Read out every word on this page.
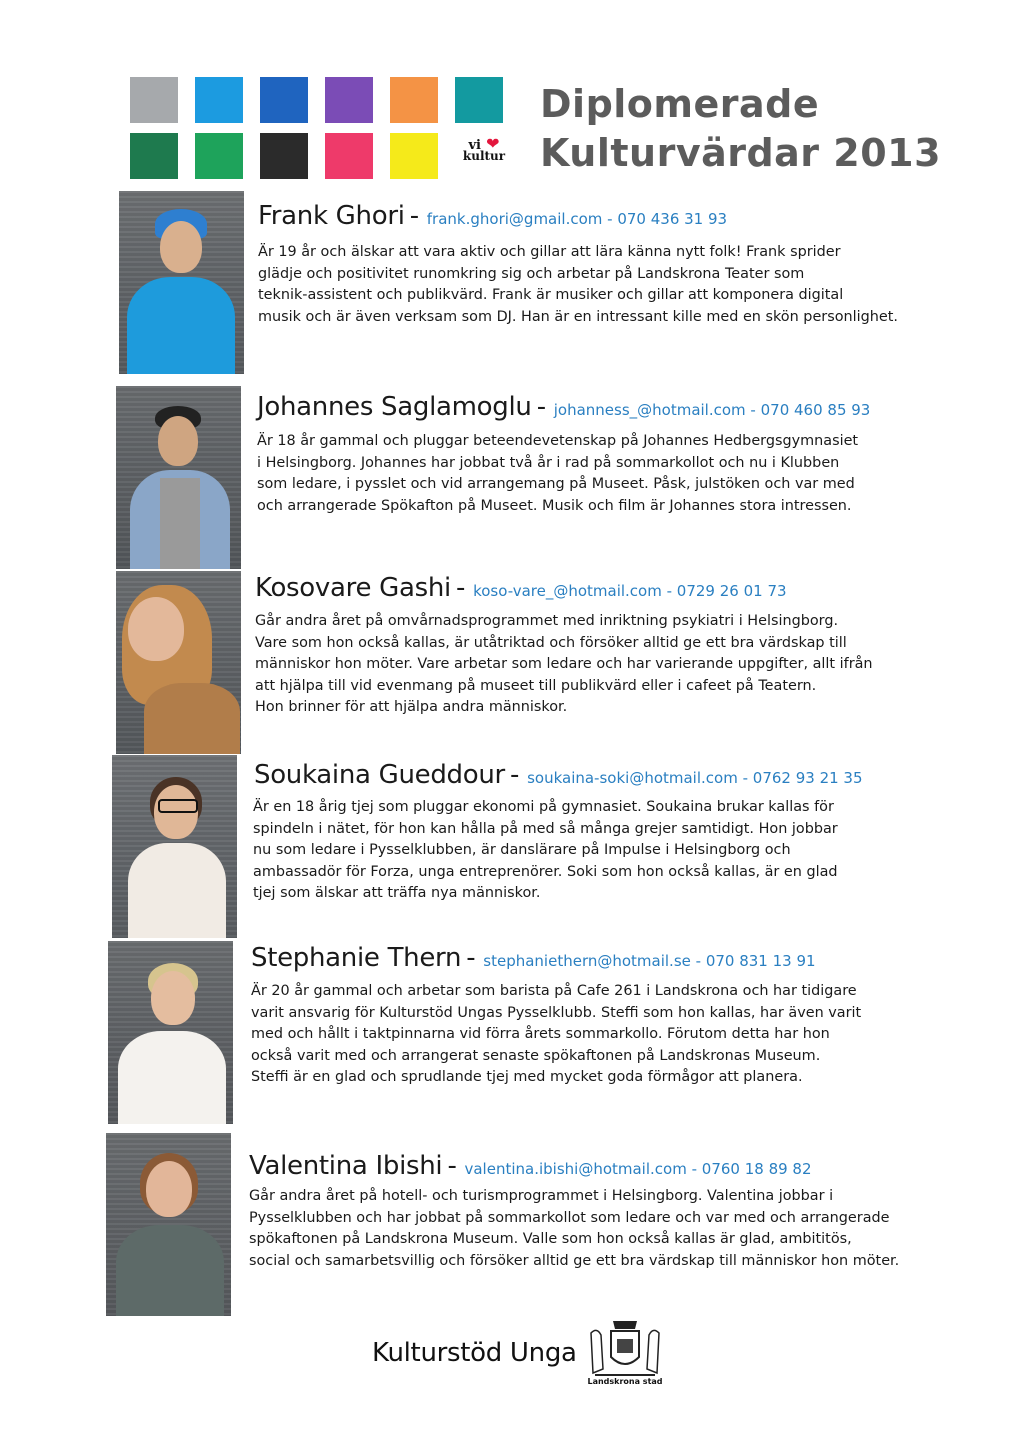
vi ❤
kultur
Diplomerade
Kulturvärdar 2013
Frank Ghori - frank.ghori@gmail.com - 070 436 31 93
Är 19 år och älskar att vara aktiv och gillar att lära känna nytt folk! Frank sprider
glädje och positivitet runomkring sig och arbetar på Landskrona Teater som
teknik-assistent och publikvärd. Frank är musiker och gillar att komponera digital
musik och är även verksam som DJ. Han är en intressant kille med en skön personlighet.
Johannes Saglamoglu - johanness_@hotmail.com - 070 460 85 93
Är 18 år gammal och pluggar beteendevetenskap på Johannes Hedbergsgymnasiet
i Helsingborg. Johannes har jobbat två år i rad på sommarkollot och nu i Klubben
som ledare, i pysslet och vid arrangemang på Museet. Påsk, julstöken och var med
och arrangerade Spökafton på Museet. Musik och film är Johannes stora intressen.
Kosovare Gashi - koso-vare_@hotmail.com - 0729 26 01 73
Går andra året på omvårnadsprogrammet med inriktning psykiatri i Helsingborg.
Vare som hon också kallas, är utåtriktad och försöker alltid ge ett bra värdskap till
människor hon möter. Vare arbetar som ledare och har varierande uppgifter, allt ifrån
att hjälpa till vid evenmang på museet till publikvärd eller i cafeet på Teatern.
Hon brinner för att hjälpa andra människor.
Soukaina Gueddour - soukaina-soki@hotmail.com - 0762 93 21 35
Är en 18 årig tjej som pluggar ekonomi på gymnasiet. Soukaina brukar kallas för
spindeln i nätet, för hon kan hålla på med så många grejer samtidigt. Hon jobbar
nu som ledare i Pysselklubben, är danslärare på Impulse i Helsingborg och
ambassadör för Forza, unga entreprenörer. Soki som hon också kallas, är en glad
tjej som älskar att träffa nya människor.
Stephanie Thern - stephaniethern@hotmail.se - 070 831 13 91
Är 20 år gammal och arbetar som barista på Cafe 261 i Landskrona och har tidigare
varit ansvarig för Kulturstöd Ungas Pysselklubb. Steffi som hon kallas, har även varit
med och hållt i taktpinnarna vid förra årets sommarkollo. Förutom detta har hon
också varit med och arrangerat senaste spökaftonen på Landskronas Museum.
Steffi är en glad och sprudlande tjej med mycket goda förmågor att planera.
Valentina Ibishi - valentina.ibishi@hotmail.com - 0760 18 89 82
Går andra året på hotell- och turismprogrammet i Helsingborg. Valentina jobbar i
Pysselklubben och har jobbat på sommarkollot som ledare och var med och arrangerade
spökaftonen på Landskrona Museum. Valle som hon också kallas är glad, ambititös,
social och samarbetsvillig och försöker alltid ge ett bra värdskap till människor hon möter.
Kulturstöd Unga
Landskrona stad
